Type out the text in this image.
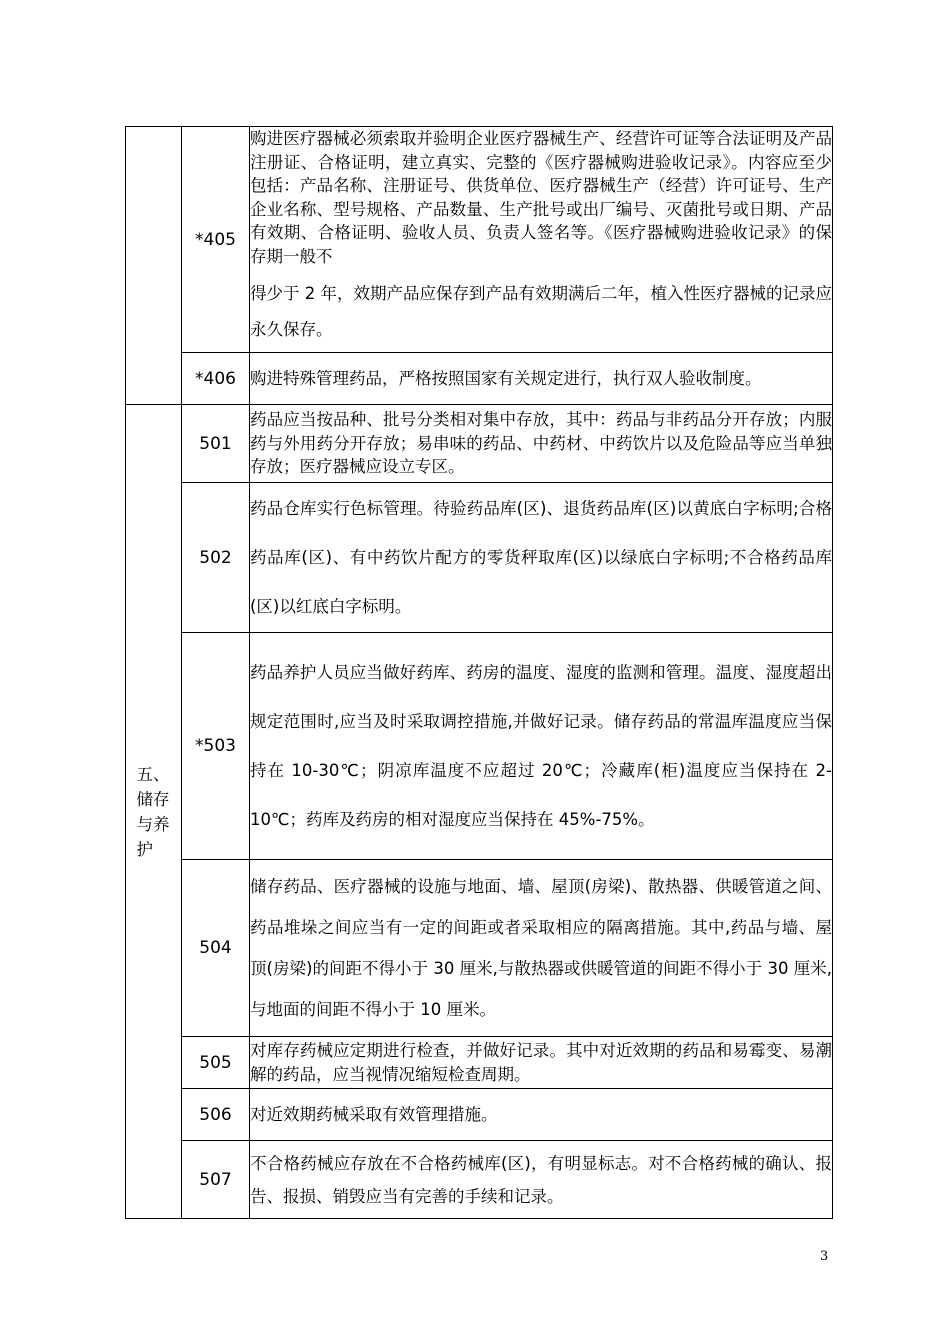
	*405	购进医疗器械必须索取并验明企业医疗器械生产、经营许可证等合法证明及产品注册证、合格证明，建立真实、完整的《医疗器械购进验收记录》。内容应至少包括：产品名称、注册证号、供货单位、医疗器械生产（经营）许可证号、生产企业名称、型号规格、产品数量、生产批号或出厂编号、灭菌批号或日期、产品有效期、合格证明、验收人员、负责人签名等。《医疗器械购进验收记录》的保存期一般不
得少于 2 年，效期产品应保存到产品有效期满后二年，植入性医疗器械的记录应永久保存。

	*406	购进特殊管理药品，严格按照国家有关规定进行，执行双人验收制度。
五、储存与养护	501	药品应当按品种、批号分类相对集中存放，其中：药品与非药品分开存放；内服药与外用药分开存放；易串味的药品、中药材、中药饮片以及危险品等应当单独存放；医疗器械应设立专区。
	502	药品仓库实行色标管理。待验药品库(区)、退货药品库(区)以黄底白字标明;合格药品库(区)、有中药饮片配方的零货秤取库(区)以绿底白字标明;不合格药品库(区)以红底白字标明。
	*503	药品养护人员应当做好药库、药房的温度、湿度的监测和管理。温度、湿度超出规定范围时,应当及时采取调控措施,并做好记录。储存药品的常温库温度应当保持在 10-30℃；阴凉库温度不应超过 20℃；冷藏库(柜)温度应当保持在 2-10℃；药库及药房的相对湿度应当保持在 45%-75%。
	504	储存药品、医疗器械的设施与地面、墙、屋顶(房梁)、散热器、供暖管道之间、药品堆垛之间应当有一定的间距或者采取相应的隔离措施。其中,药品与墙、屋顶(房梁)的间距不得小于 30 厘米,与散热器或供暖管道的间距不得小于 30 厘米,与地面的间距不得小于 10 厘米。
	505	对库存药械应定期进行检查，并做好记录。其中对近效期的药品和易霉变、易潮解的药品，应当视情况缩短检查周期。
	506	对近效期药械采取有效管理措施。
	507	不合格药械应存放在不合格药械库(区)，有明显标志。对不合格药械的确认、报告、报损、销毁应当有完善的手续和记录。
3
